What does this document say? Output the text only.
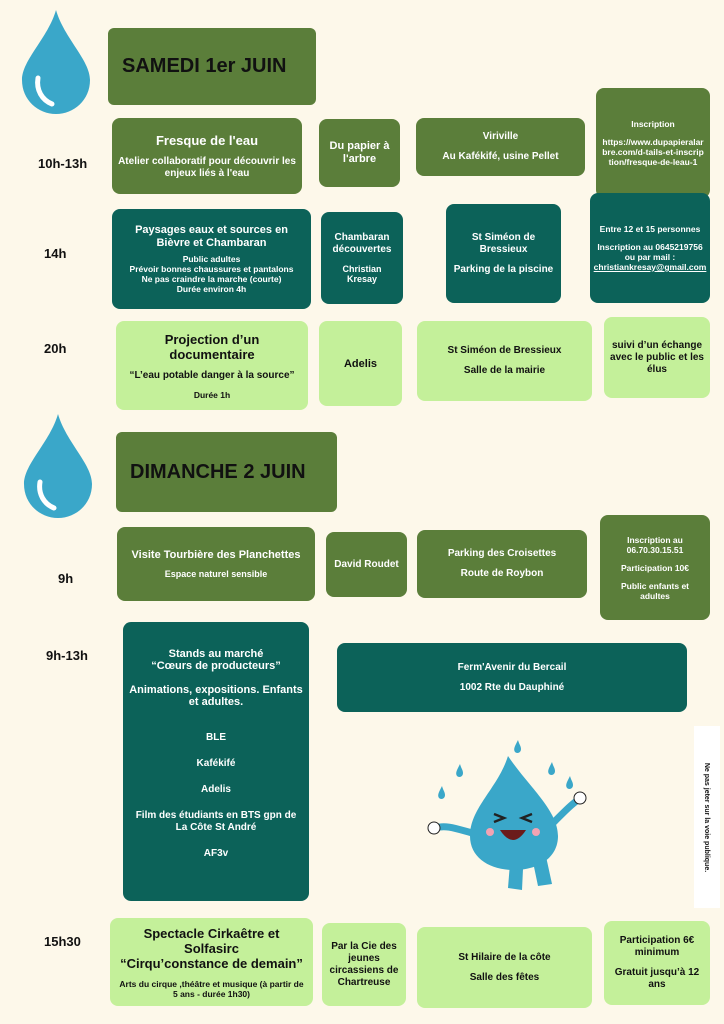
SAMEDI 1er JUIN
10h-13h
Fresque de l'eau
Atelier collaboratif pour découvrir les enjeux liés à l'eau
Du papier à l'arbre
Viriville
Au Kafékifé, usine Pellet
Inscription
https://www.dupapieralarbre.com/d-tails-et-inscription/fresque-de-leau-1
14h
Paysages eaux et sources en Bièvre et Chambaran
Public adultes
Prévoir bonnes chaussures et pantalons
Ne pas craindre la marche (courte)
Durée environ 4h
Chambaran découvertes
Christian Kresay
St Siméon de Bressieux
Parking de la piscine
Entre 12 et 15 personnes
Inscription au 0645219756 ou par mail :
christiankresay@gmail.com
20h
Projection d’un documentaire
“L’eau potable danger à la source”
Durée 1h
Adelis
St Siméon de Bressieux
Salle de la mairie
suivi d’un échange avec le public et les élus
DIMANCHE 2 JUIN
9h
Visite Tourbière des Planchettes
Espace naturel sensible
David Roudet
Parking des Croisettes
Route de Roybon
Inscription au 06.70.30.15.51
Participation 10€
Public enfants et adultes
9h-13h	Stands au marché
“Cœurs de producteurs”
Animations, expositions. Enfants et adultes.
BLE
Kafékifé
Adelis
Film des étudiants en BTS gpn de La Côte St André
AF3v
Ferm'Avenir du Bercail
1002 Rte du Dauphiné
Ne pas jeter sur la voie publique.
15h30
Spectacle Cirkaêtre et Solfasirc
“Cirqu’constance de demain”
Arts du cirque ,théâtre et musique (à partir de 5 ans - durée 1h30)
Par la Cie des jeunes circassiens de Chartreuse
St Hilaire de la côte
Salle des fêtes
Participation 6€ minimum
Gratuit jusqu’à 12 ans
